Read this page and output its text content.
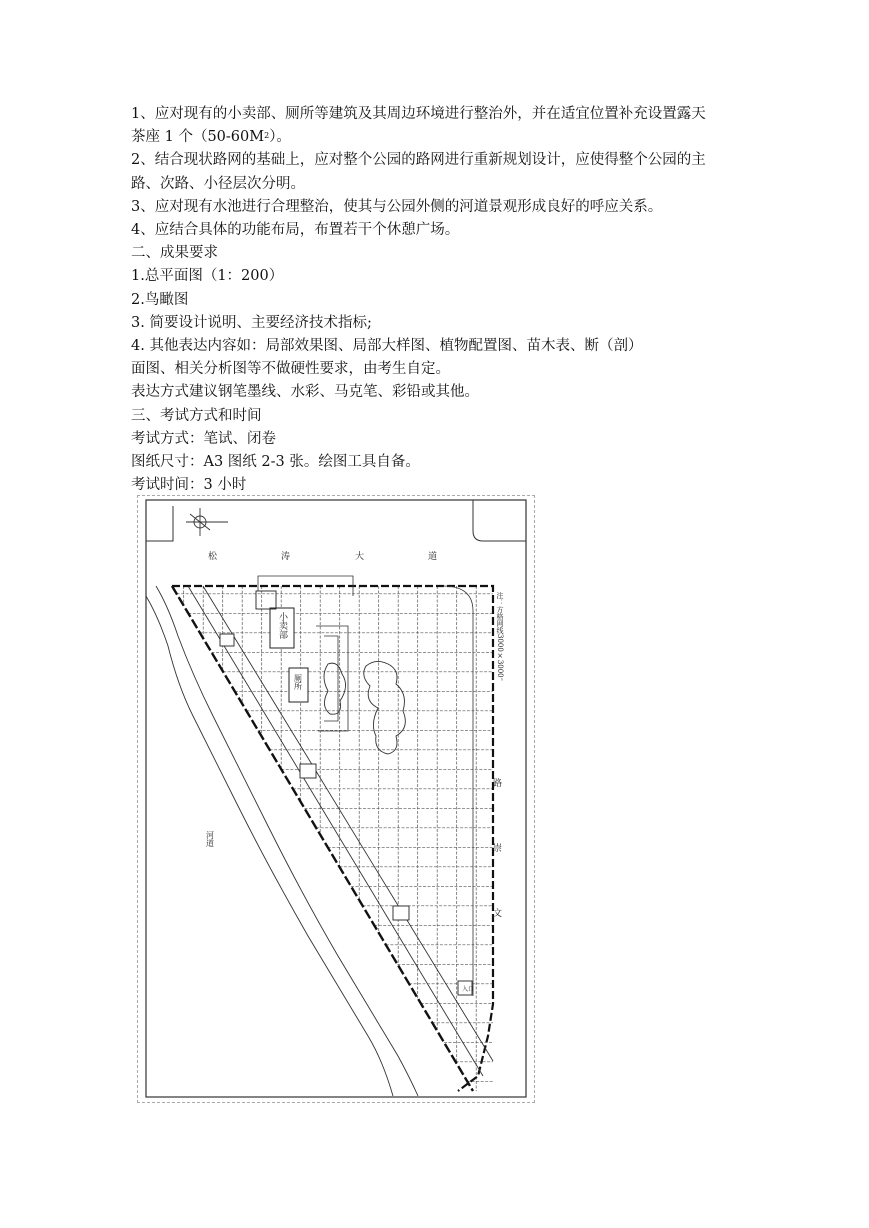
1、应对现有的小卖部、厕所等建筑及其周边环境进行整治外，并在适宜位置补充设置露天
茶座 1 个$(50-60M^2)$。
2、结合现状路网的基础上，应对整个公园的路网进行重新规划设计，应使得整个公园的主
路、次路、小径层次分明。
3、应对现有水池进行合理整治，使其与公园外侧的河道景观形成良好的呼应关系。
4、应结合具体的功能布局，布置若干个休憩广场。
二、成果要求
1.总平面图（1：200）
2.鸟瞰图
3. 简要设计说明、主要经济技术指标;
4. 其他表达内容如：局部效果图、局部大样图、植物配置图、苗木表、断（剖）
面图、相关分析图等不做硬性要求，由考生自定。
表达方式建议钢笔墨线、水彩、马克笔、彩铅或其他。
三、考试方式和时间
考试方式：笔试、闭卷
图纸尺寸：A3 图纸 2-3 张。绘图工具自备。
考试时间：3 小时
小卖部
厕所
松	涛	大	道
文
崇
路
注：方格网线3000×3000。
河道
入口
